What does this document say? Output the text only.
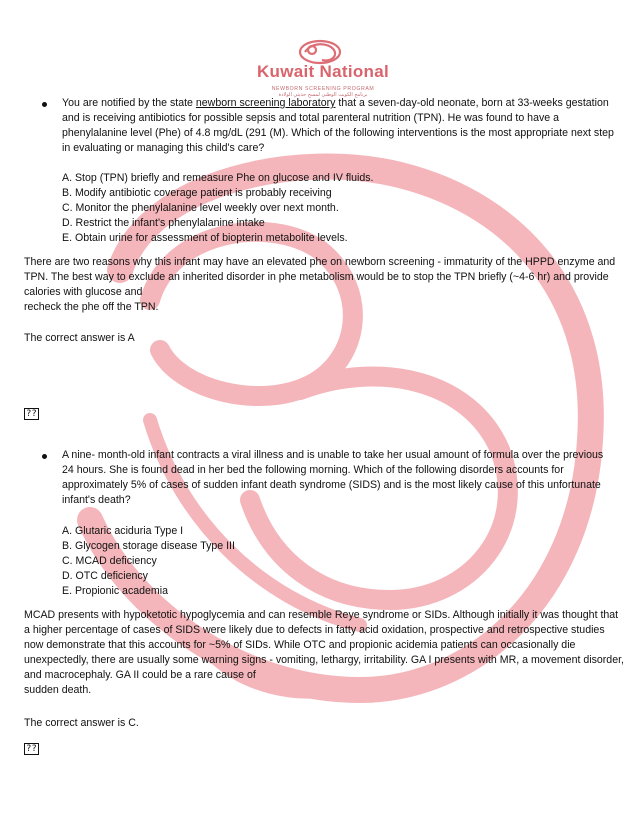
Kuwait National
NEWBORN SCREENING PROGRAM
برنامج الكويت الوطني لمسح حديثي الولادة

You are notified by the state newborn screening laboratory that a seven-day-old neonate, born at 33-weeks gestation and is receiving antibiotics for possible sepsis and total parenteral nutrition (TPN). He was found to have a phenylalanine level (Phe) of 4.8 mg/dL (291 (M). Which of the following interventions is the most appropriate next step in evaluating or managing this child's care?

A. Stop (TPN) briefly and remeasure Phe on glucose and IV fluids.

B. Modify antibiotic coverage patient is probably receiving

C. Monitor the phenylalanine level weekly over next month.

D. Restrict the infant's phenylalanine intake

E. Obtain urine for assessment of biopterin metabolite levels.

There are two reasons why this infant may have an elevated phe on newborn screening - immaturity of the HPPD enzyme and TPN. The best way to exclude an inherited disorder in phe metabolism would be to stop the TPN briefly (~4-6 hr) and provide calories with glucose and

recheck the phe off the TPN.

The correct answer is A

??

A nine- month-old infant contracts a viral illness and is unable to take her usual amount of formula over the previous 24 hours. She is found dead in her bed the following morning. Which of the following disorders accounts for approximately 5% of cases of sudden infant death syndrome (SIDS) and is the most likely cause of this unfortunate infant's death?

A. Glutaric aciduria Type I

B. Glycogen storage disease Type III

C. MCAD deficiency

D. OTC deficiency

E. Propionic academia

MCAD presents with hypoketotic hypoglycemia and can resemble Reye syndrome or SIDs. Although initially it was thought that a higher percentage of cases of SIDS were likely due to defects in fatty acid oxidation, prospective and retrospective studies now demonstrate that this accounts for ~5% of SIDs. While OTC and propionic acidemia patients can occasionally die unexpectedly, there are usually some warning signs - vomiting, lethargy, irritability. GA I presents with MR, a movement disorder, and macrocephaly. GA II could be a rare cause of

sudden death.

The correct answer is C.

??
